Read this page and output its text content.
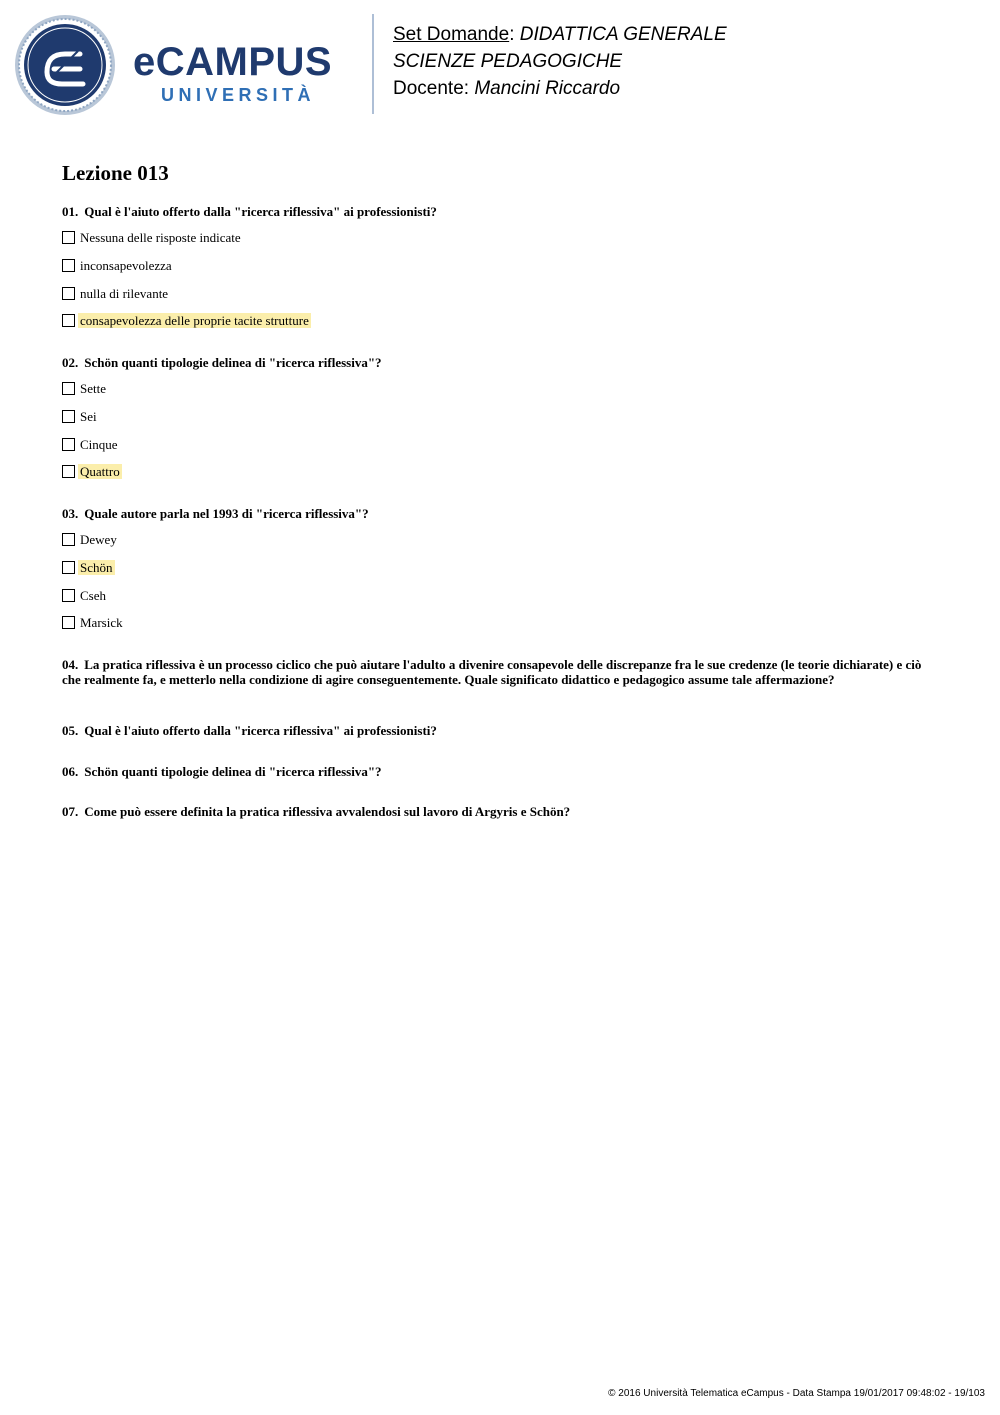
eCAMPUS
UNIVERSITÀ
Set Domande: DIDATTICA GENERALE
SCIENZE PEDAGOGICHE
Docente: Mancini Riccardo
Lezione 013
01. Qual è l'aiuto offerto dalla "ricerca riflessiva" ai professionisti?
Nessuna delle risposte indicate
inconsapevolezza
nulla di rilevante
consapevolezza delle proprie tacite strutture
02. Schön quanti tipologie delinea di "ricerca riflessiva"?
Sette
Sei
Cinque
Quattro
03. Quale autore parla nel 1993 di "ricerca riflessiva"?
Dewey
Schön
Cseh
Marsick
04. La pratica riflessiva è un processo ciclico che può aiutare l'adulto a divenire consapevole delle discrepanze fra le sue credenze (le teorie dichiarate) e ciò che realmente fa, e metterlo nella condizione di agire conseguentemente. Quale significato didattico e pedagogico assume tale affermazione?
05. Qual è l'aiuto offerto dalla "ricerca riflessiva" ai professionisti?
06. Schön quanti tipologie delinea di "ricerca riflessiva"?
07. Come può essere definita la pratica riflessiva avvalendosi sul lavoro di Argyris e Schön?
© 2016 Università Telematica eCampus - Data Stampa 19/01/2017 09:48:02 - 19/103
